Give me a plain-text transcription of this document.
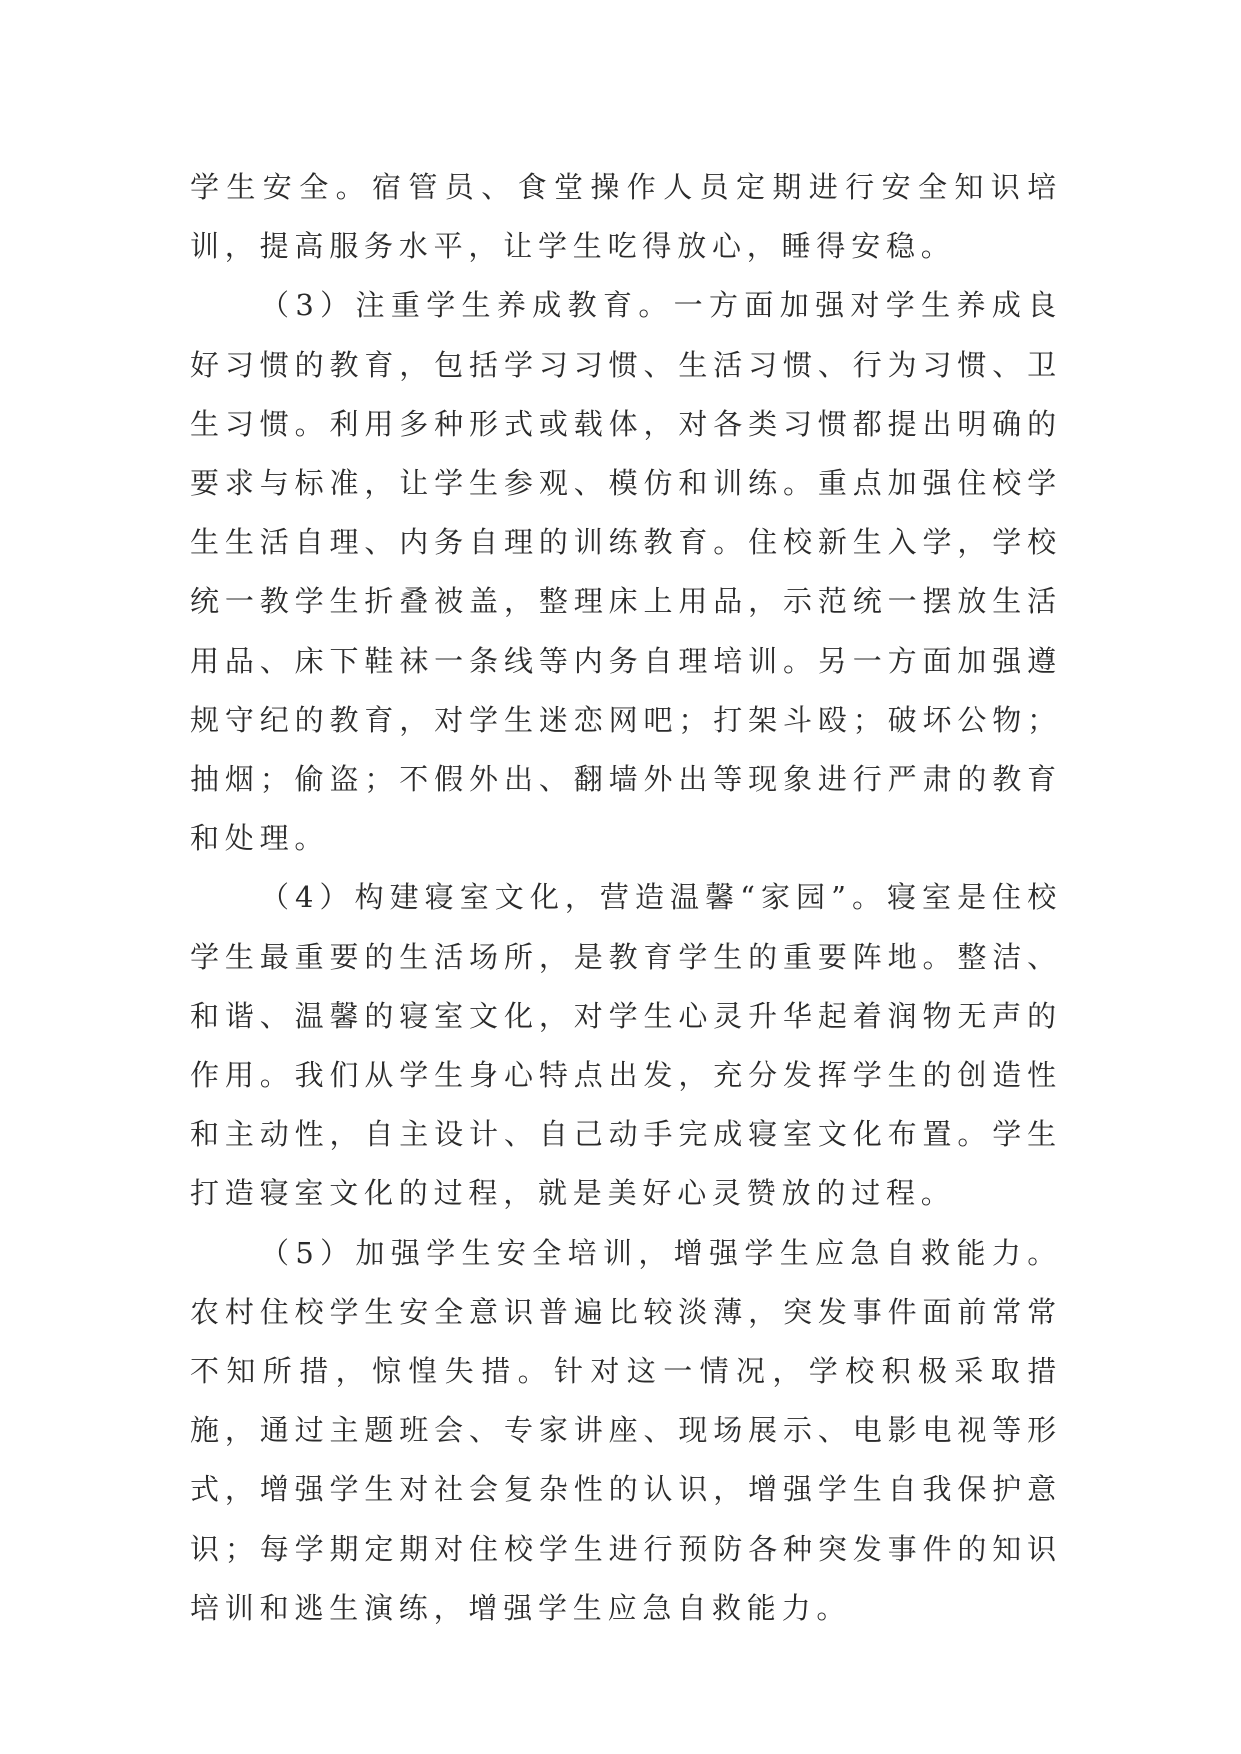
学生安全。宿管员、食堂操作人员定期进行安全知识培训，提高服务水平，让学生吃得放心，睡得安稳。

（3）注重学生养成教育。一方面加强对学生养成良好习惯的教育，包括学习习惯、生活习惯、行为习惯、卫生习惯。利用多种形式或载体，对各类习惯都提出明确的要求与标准，让学生参观、模仿和训练。重点加强住校学生生活自理、内务自理的训练教育。住校新生入学，学校统一教学生折叠被盖，整理床上用品，示范统一摆放生活用品、床下鞋袜一条线等内务自理培训。另一方面加强遵规守纪的教育，对学生迷恋网吧；打架斗殴；破坏公物；抽烟；偷盗；不假外出、翻墙外出等现象进行严肃的教育和处理。

（4）构建寝室文化，营造温馨“家园”。寝室是住校学生最重要的生活场所，是教育学生的重要阵地。整洁、和谐、温馨的寝室文化，对学生心灵升华起着润物无声的作用。我们从学生身心特点出发，充分发挥学生的创造性和主动性，自主设计、自己动手完成寝室文化布置。学生打造寝室文化的过程，就是美好心灵赞放的过程。

（5）加强学生安全培训，增强学生应急自救能力。农村住校学生安全意识普遍比较淡薄，突发事件面前常常不知所措，惊惶失措。针对这一情况，学校积极采取措施，通过主题班会、专家讲座、现场展示、电影电视等形式，增强学生对社会复杂性的认识，增强学生自我保护意识；每学期定期对住校学生进行预防各种突发事件的知识培训和逃生演练，增强学生应急自救能力。
